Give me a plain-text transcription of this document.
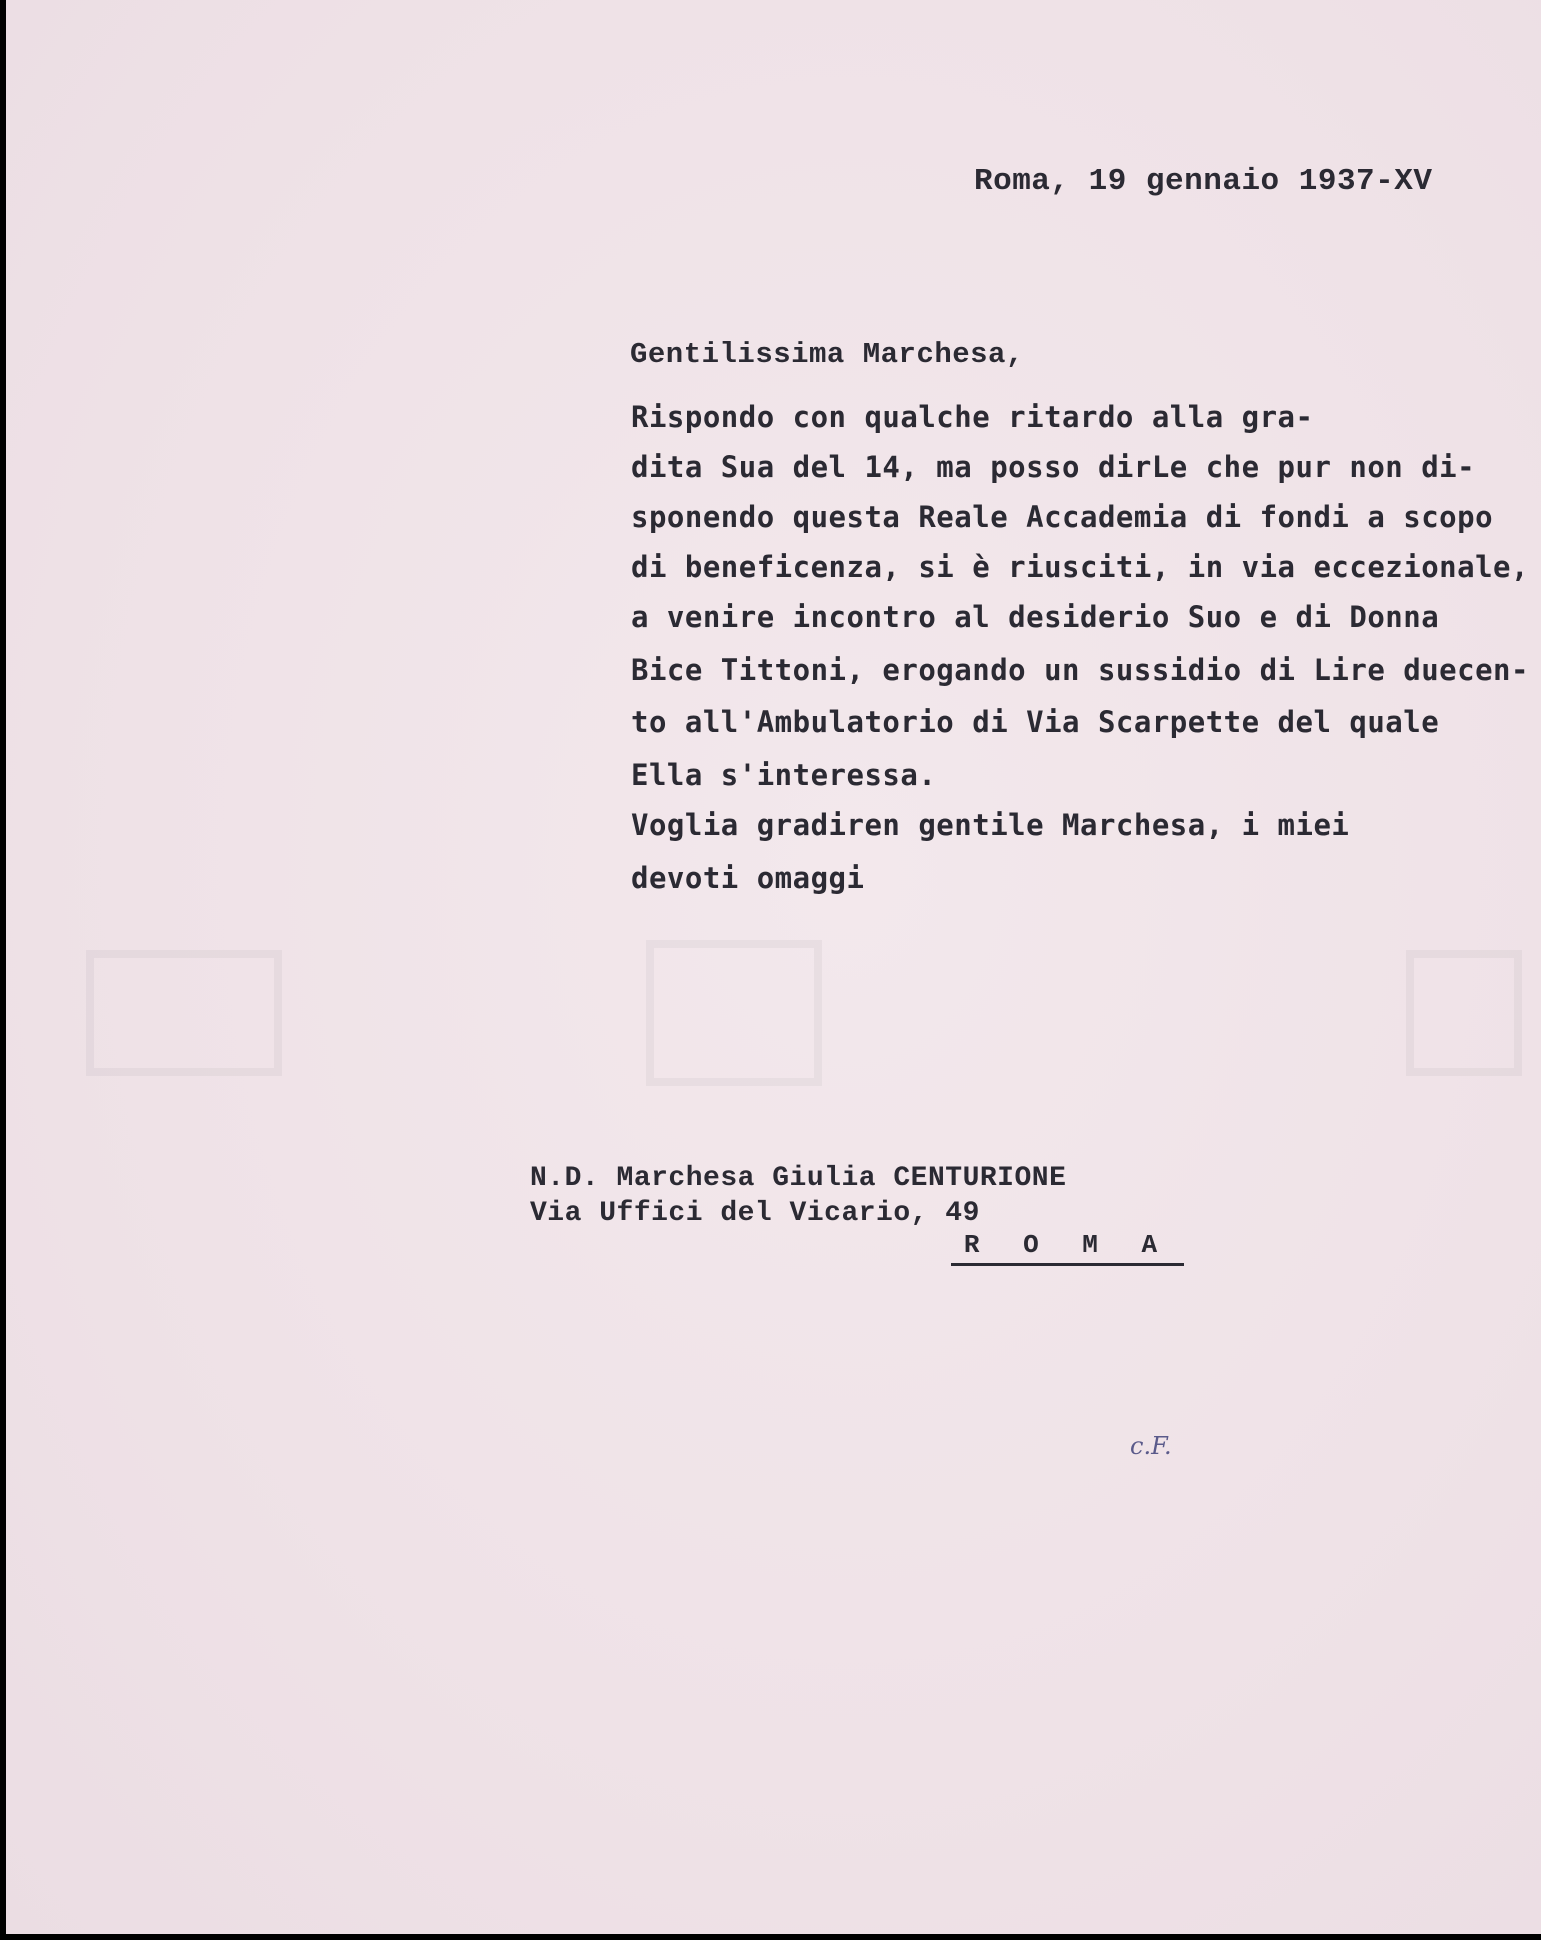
Roma, 19 gennaio 1937-XV

Gentilissima Marchesa,

Rispondo con qualche ritardo alla gra-
dita Sua del 14, ma posso dirLe che pur non di-
sponendo questa Reale Accademia di fondi a scopo
di beneficenza, si è riusciti, in via eccezionale,
a venire incontro al desiderio Suo e di Donna
Bice Tittoni, erogando un sussidio di Lire duecen-
to all'Ambulatorio di Via Scarpette del quale
Ella s'interessa.
Voglia gradiren gentile Marchesa, i miei
devoti omaggi

N.D. Marchesa Giulia CENTURIONE

Via Uffici del Vicario, 49

R O M A
c.F.
